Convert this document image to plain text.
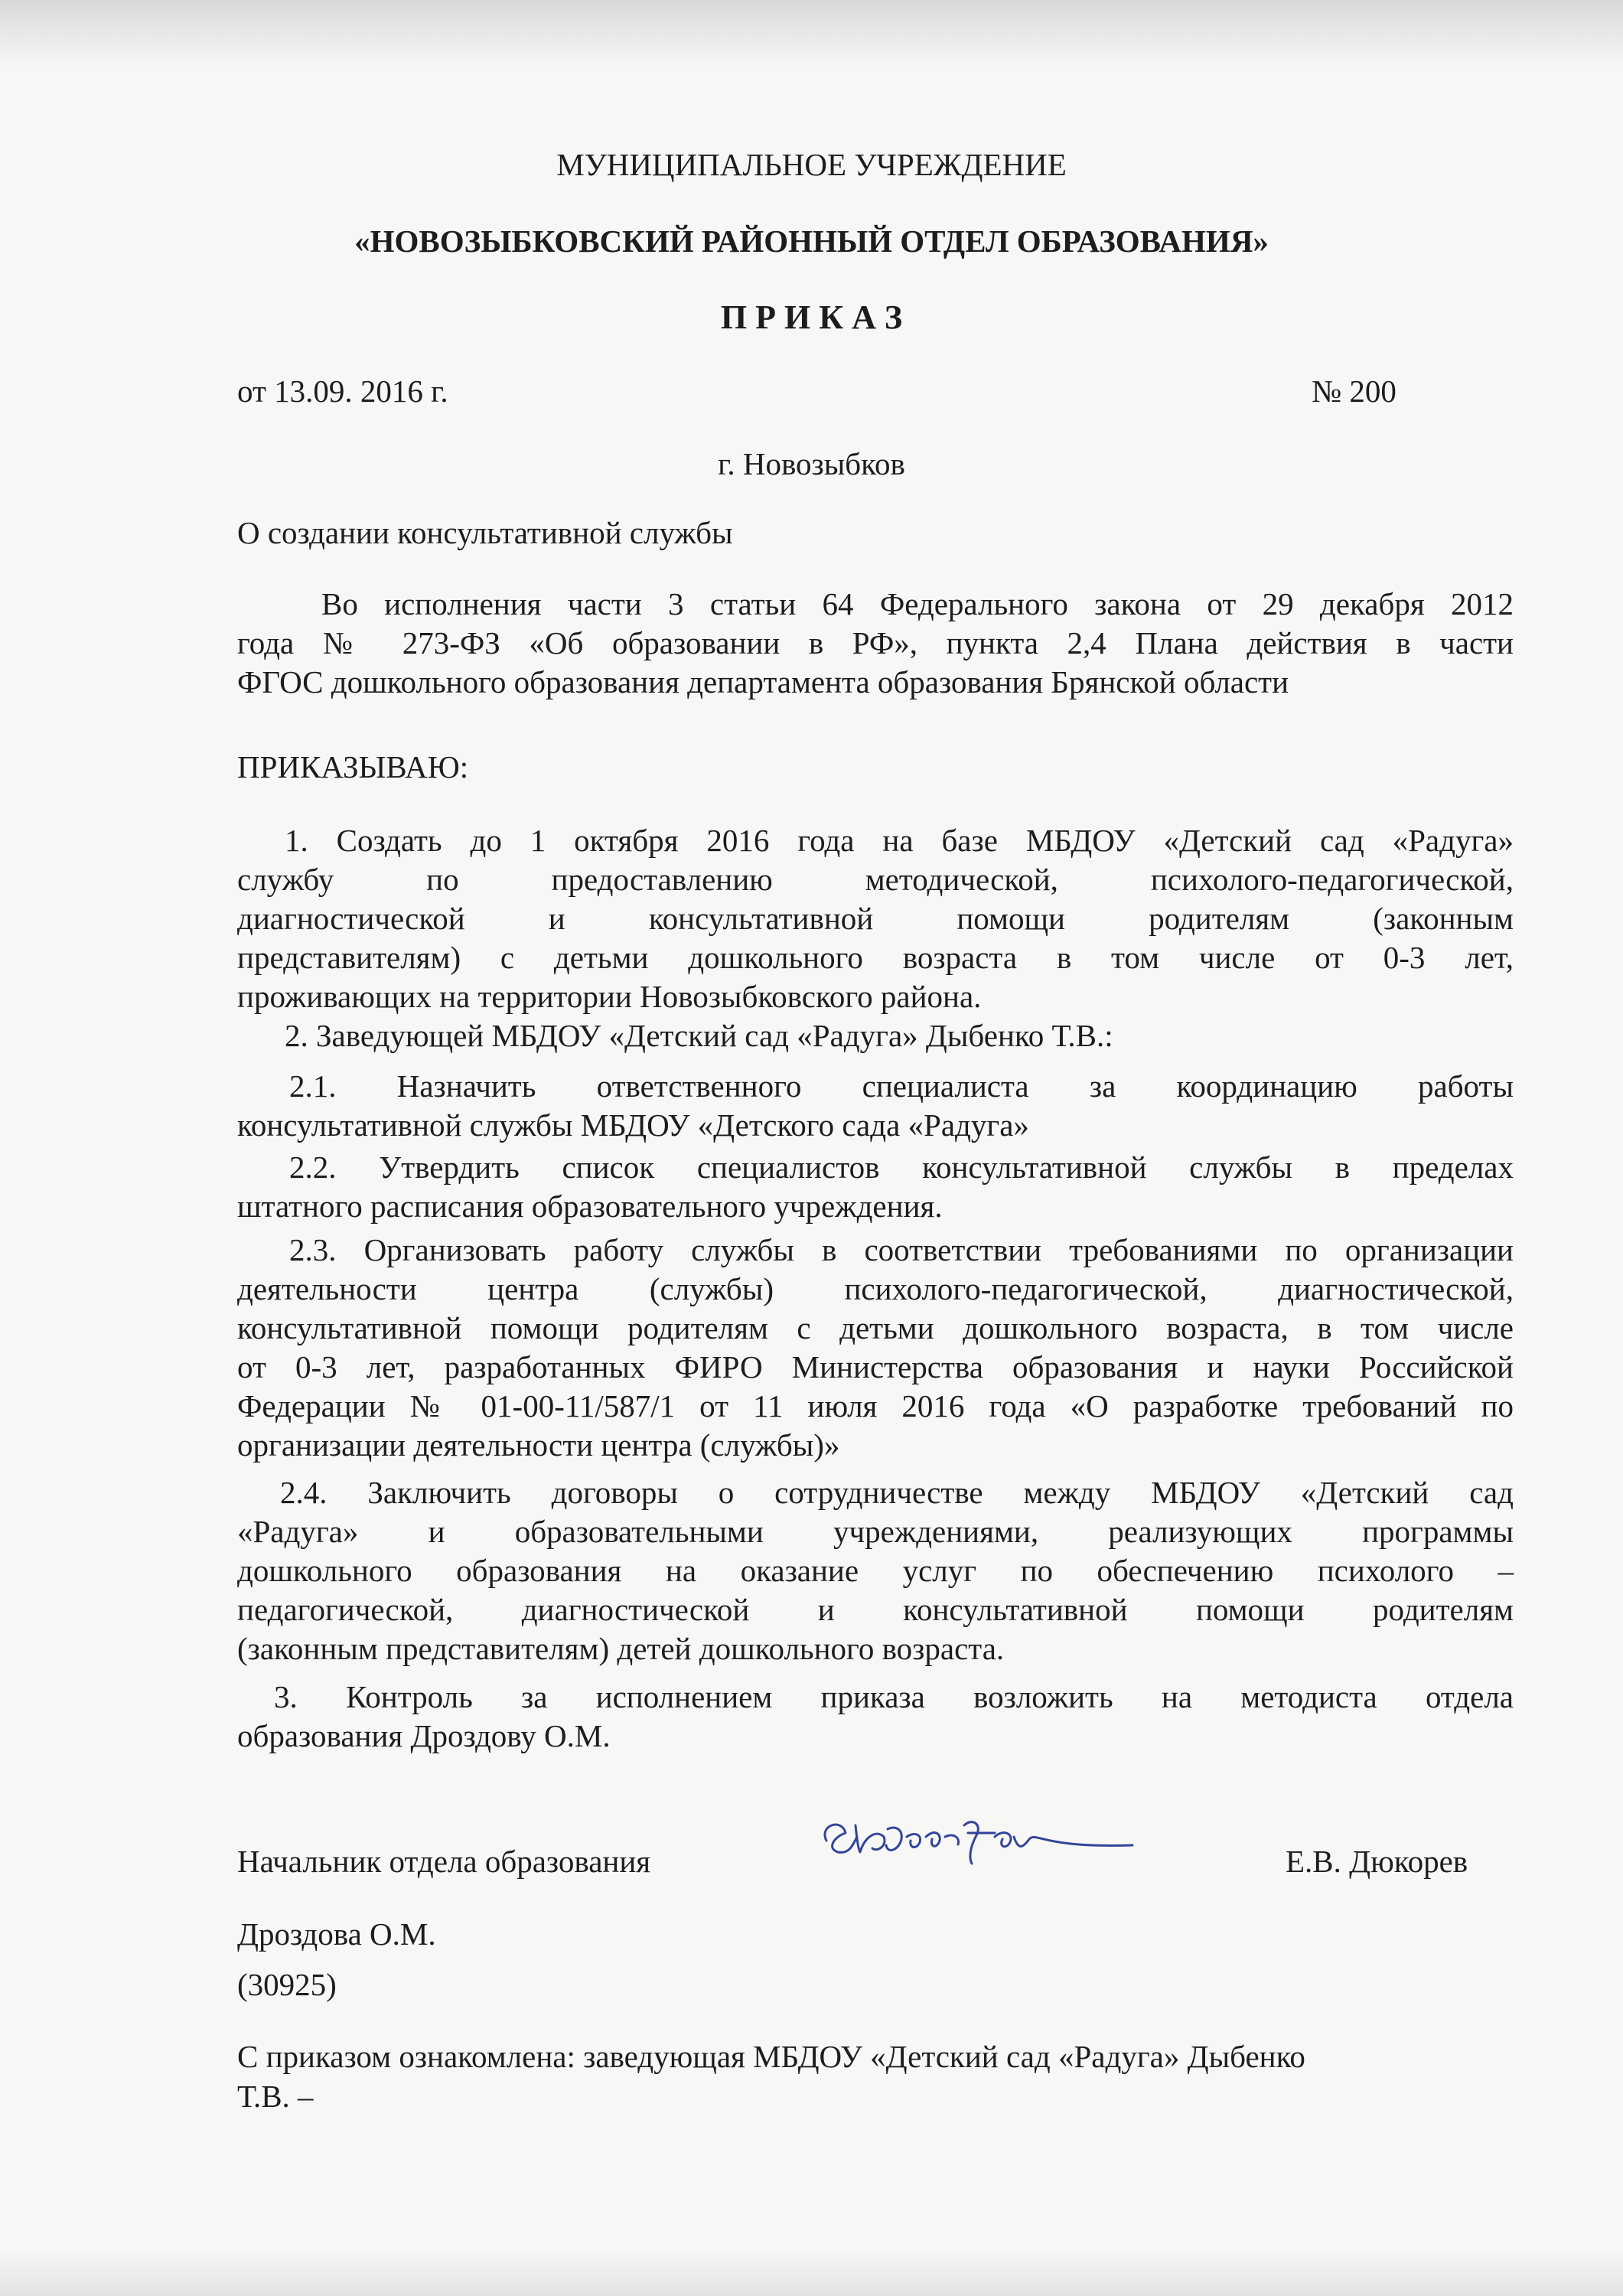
МУНИЦИПАЛЬНОЕ УЧРЕЖДЕНИЕ
«НОВОЗЫБКОВСКИЙ РАЙОННЫЙ ОТДЕЛ ОБРАЗОВАНИЯ»
П Р И К А З
от 13.09. 2016 г.	№ 200
г. Новозыбков
О создании консультативной службы
Во исполнения части 3 статьи 64 Федерального закона от 29 декабря 2012
года № 273-ФЗ «Об образовании в РФ», пункта 2,4 Плана действия в части
ФГОС дошкольного образования департамента образования Брянской области
ПРИКАЗЫВАЮ:
1. Создать до 1 октября 2016 года на базе МБДОУ «Детский сад «Радуга»
службу по предоставлению методической, психолого-педагогической,
диагностической и консультативной помощи родителям (законным
представителям) с детьми дошкольного возраста в том числе от 0-3 лет,
проживающих на территории Новозыбковского района.
2. Заведующей МБДОУ «Детский сад «Радуга» Дыбенко Т.В.:
2.1. Назначить ответственного специалиста за координацию работы
консультативной службы МБДОУ «Детского сада «Радуга»
2.2. Утвердить список специалистов консультативной службы в пределах
штатного расписания образовательного учреждения.
2.3. Организовать работу службы в соответствии требованиями по организации
деятельности центра (службы) психолого-педагогической, диагностической,
консультативной помощи родителям с детьми дошкольного возраста, в том числе
от 0-3 лет, разработанных ФИРО Министерства образования и науки Российской
Федерации № 01-00-11/587/1 от 11 июля 2016 года «О разработке требований по
организации деятельности центра (службы)»
2.4. Заключить договоры о сотрудничестве между МБДОУ «Детский сад
«Радуга» и образовательными учреждениями, реализующих программы
дошкольного образования на оказание услуг по обеспечению психолого –
педагогической, диагностической и консультативной помощи родителям
(законным представителям) детей дошкольного возраста.
3. Контроль за исполнением приказа возложить на методиста отдела
образования Дроздову О.М.
Начальник отдела образования	Е.В. Дюкорев
Дроздова О.М.
(30925)
С приказом ознакомлена: заведующая МБДОУ «Детский сад «Радуга» Дыбенко
Т.В. –
